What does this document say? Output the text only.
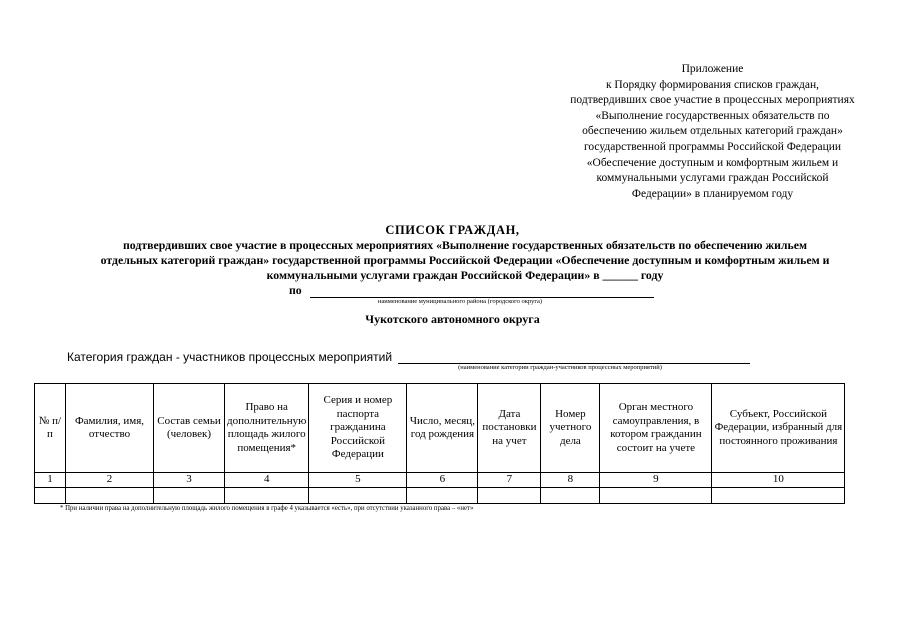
Приложение
к Порядку формирования списков граждан,
подтвердивших свое участие в процессных мероприятиях
«Выполнение государственных обязательств по
обеспечению жильем отдельных категорий граждан»
государственной программы Российской Федерации
«Обеспечение доступным и комфортным жильем и
коммунальными услугами граждан Российской
Федерации» в планируемом году
СПИСОК ГРАЖДАН,
подтвердивших свое участие в процессных мероприятиях «Выполнение государственных обязательств по обеспечению жильем
отдельных категорий граждан» государственной программы Российской Федерации «Обеспечение доступным и комфортным жильем и
коммунальными услугами граждан Российской Федерации» в ______ году
по
наименование муниципального района (городского округа)
Чукотского автономного округа
Категория граждан - участников процессных мероприятий
(наименование категории граждан-участников процессных мероприятий)
№ п/п	Фамилия, имя, отчество	Состав семьи (человек)	Право на дополнительную площадь жилого помещения*	Серия и номер паспорта гражданина Российской Федерации	Число, месяц, год рождения	Дата постановки на учет	Номер учетного дела	Орган местного самоуправления, в котором гражданин состоит на учете	Субъект, Российской Федерации, избранный для постоянного проживания
1	2	3	4	5	6	7	8	9	10

* При наличии права на дополнительную площадь жилого помещения в графе 4 указывается «есть», при отсутствии указанного права – «нет»
